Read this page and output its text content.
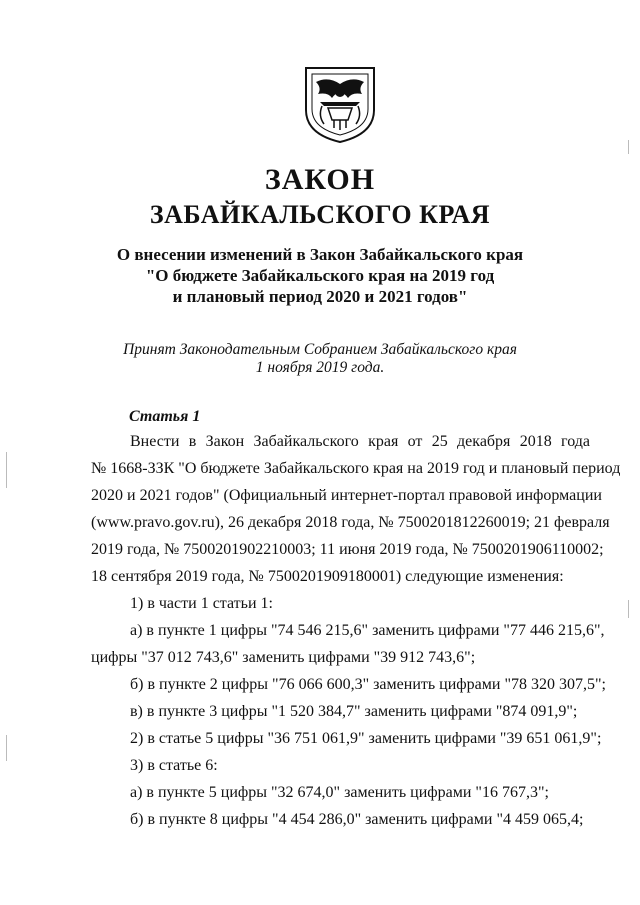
ЗАКОН
ЗАБАЙКАЛЬСКОГО КРАЯ
О внесении изменений в Закон Забайкальского края
"О бюджете Забайкальского края на 2019 год
и плановый период 2020 и 2021 годов"
Принят Законодательным Собранием Забайкальского края
1 ноября 2019 года.
Статья 1
Внести в Закон Забайкальского края от 25 декабря 2018 года
№ 1668-ЗЗК "О бюджете Забайкальского края на 2019 год и плановый период
2020 и 2021 годов" (Официальный интернет-портал правовой информации
(www.pravo.gov.ru), 26 декабря 2018 года, № 7500201812260019; 21 февраля
2019 года, № 7500201902210003; 11 июня 2019 года, № 7500201906110002;
18 сентября 2019 года, № 7500201909180001) следующие изменения:
1) в части 1 статьи 1:
а) в пункте 1 цифры "74 546 215,6" заменить цифрами "77 446 215,6",
цифры "37 012 743,6" заменить цифрами "39 912 743,6";
б) в пункте 2 цифры "76 066 600,3" заменить цифрами "78 320 307,5";
в) в пункте 3 цифры "1 520 384,7" заменить цифрами "874 091,9";
2) в статье 5 цифры "36 751 061,9" заменить цифрами "39 651 061,9";
3) в статье 6:
а) в пункте 5 цифры "32 674,0" заменить цифрами "16 767,3";
б) в пункте 8 цифры "4 454 286,0" заменить цифрами "4 459 065,4;
